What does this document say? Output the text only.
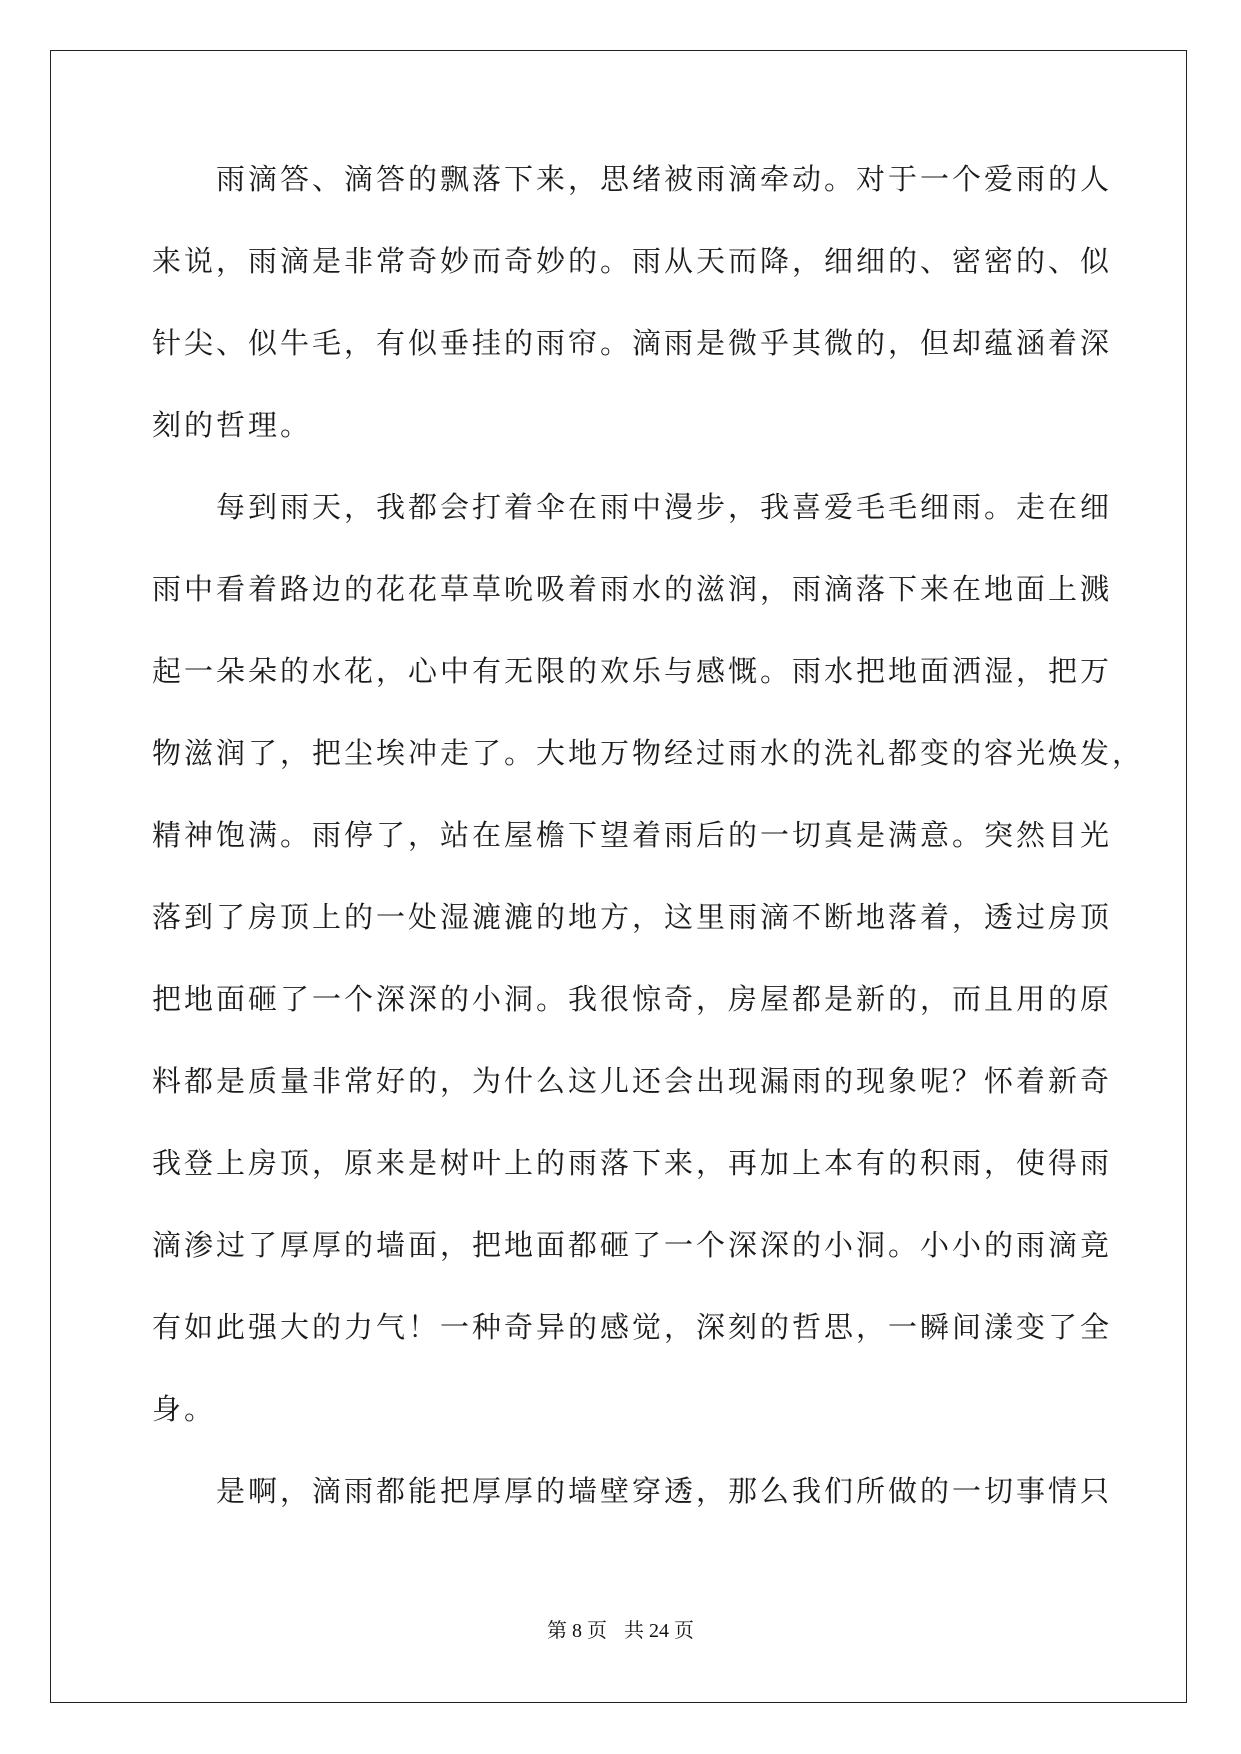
　　雨滴答、滴答的飘落下来，思绪被雨滴牵动。对于一个爱雨的人
来说，雨滴是非常奇妙而奇妙的。雨从天而降，细细的、密密的、似
针尖、似牛毛，有似垂挂的雨帘。滴雨是微乎其微的，但却蕴涵着深
刻的哲理。
　　每到雨天，我都会打着伞在雨中漫步，我喜爱毛毛细雨。走在细
雨中看着路边的花花草草吮吸着雨水的滋润，雨滴落下来在地面上溅
起一朵朵的水花，心中有无限的欢乐与感慨。雨水把地面洒湿，把万
物滋润了，把尘埃冲走了。大地万物经过雨水的洗礼都变的容光焕发，
精神饱满。雨停了，站在屋檐下望着雨后的一切真是满意。突然目光
落到了房顶上的一处湿漉漉的地方，这里雨滴不断地落着，透过房顶
把地面砸了一个深深的小洞。我很惊奇，房屋都是新的，而且用的原
料都是质量非常好的，为什么这儿还会出现漏雨的现象呢？怀着新奇
我登上房顶，原来是树叶上的雨落下来，再加上本有的积雨，使得雨
滴渗过了厚厚的墙面，把地面都砸了一个深深的小洞。小小的雨滴竟
有如此强大的力气！一种奇异的感觉，深刻的哲思，一瞬间漾变了全
身。
　　是啊，滴雨都能把厚厚的墙壁穿透，那么我们所做的一切事情只
第 8 页 共 24 页
